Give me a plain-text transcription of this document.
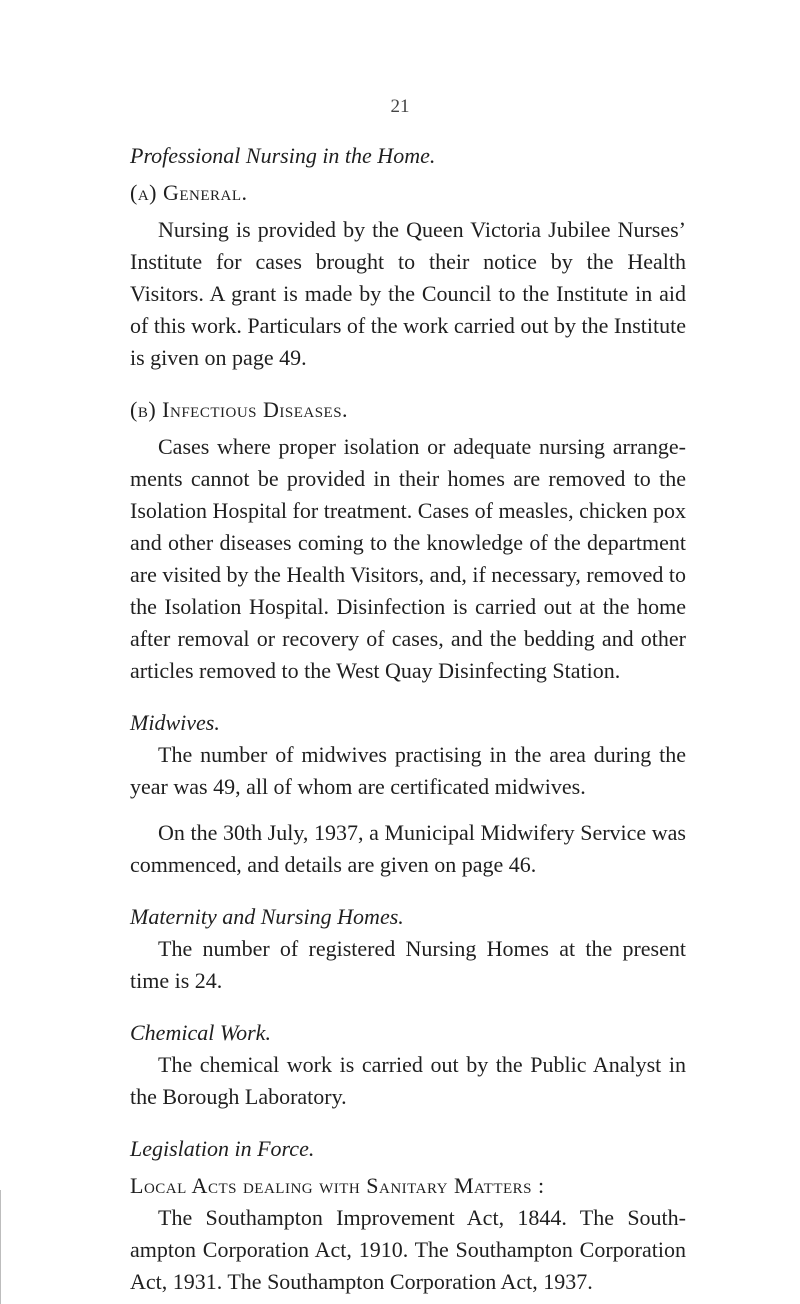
21

Professional Nursing in the Home.

(a) General.

Nursing is provided by the Queen Victoria Jubilee Nurses’ Institute for cases brought to their notice by the Health Visitors. A grant is made by the Council to the Institute in aid of this work. Particulars of the work carried out by the Institute is given on page 49.

(b) Infectious Diseases.

Cases where proper isolation or adequate nursing arrange-ments cannot be provided in their homes are removed to the Isolation Hospital for treatment. Cases of measles, chicken pox and other diseases coming to the knowledge of the department are visited by the Health Visitors, and, if necessary, removed to the Isolation Hospital. Disinfection is carried out at the home after removal or recovery of cases, and the bedding and other articles removed to the West Quay Disinfecting Station.

Midwives.

The number of midwives practising in the area during the year was 49, all of whom are certificated midwives.

On the 30th July, 1937, a Municipal Midwifery Service was commenced, and details are given on page 46.

Maternity and Nursing Homes.

The number of registered Nursing Homes at the present time is 24.

Chemical Work.

The chemical work is carried out by the Public Analyst in the Borough Laboratory.

Legislation in Force.

Local Acts dealing with Sanitary Matters :

The Southampton Improvement Act, 1844. The South-ampton Corporation Act, 1910. The Southampton Corporation Act, 1931. The Southampton Corporation Act, 1937.
